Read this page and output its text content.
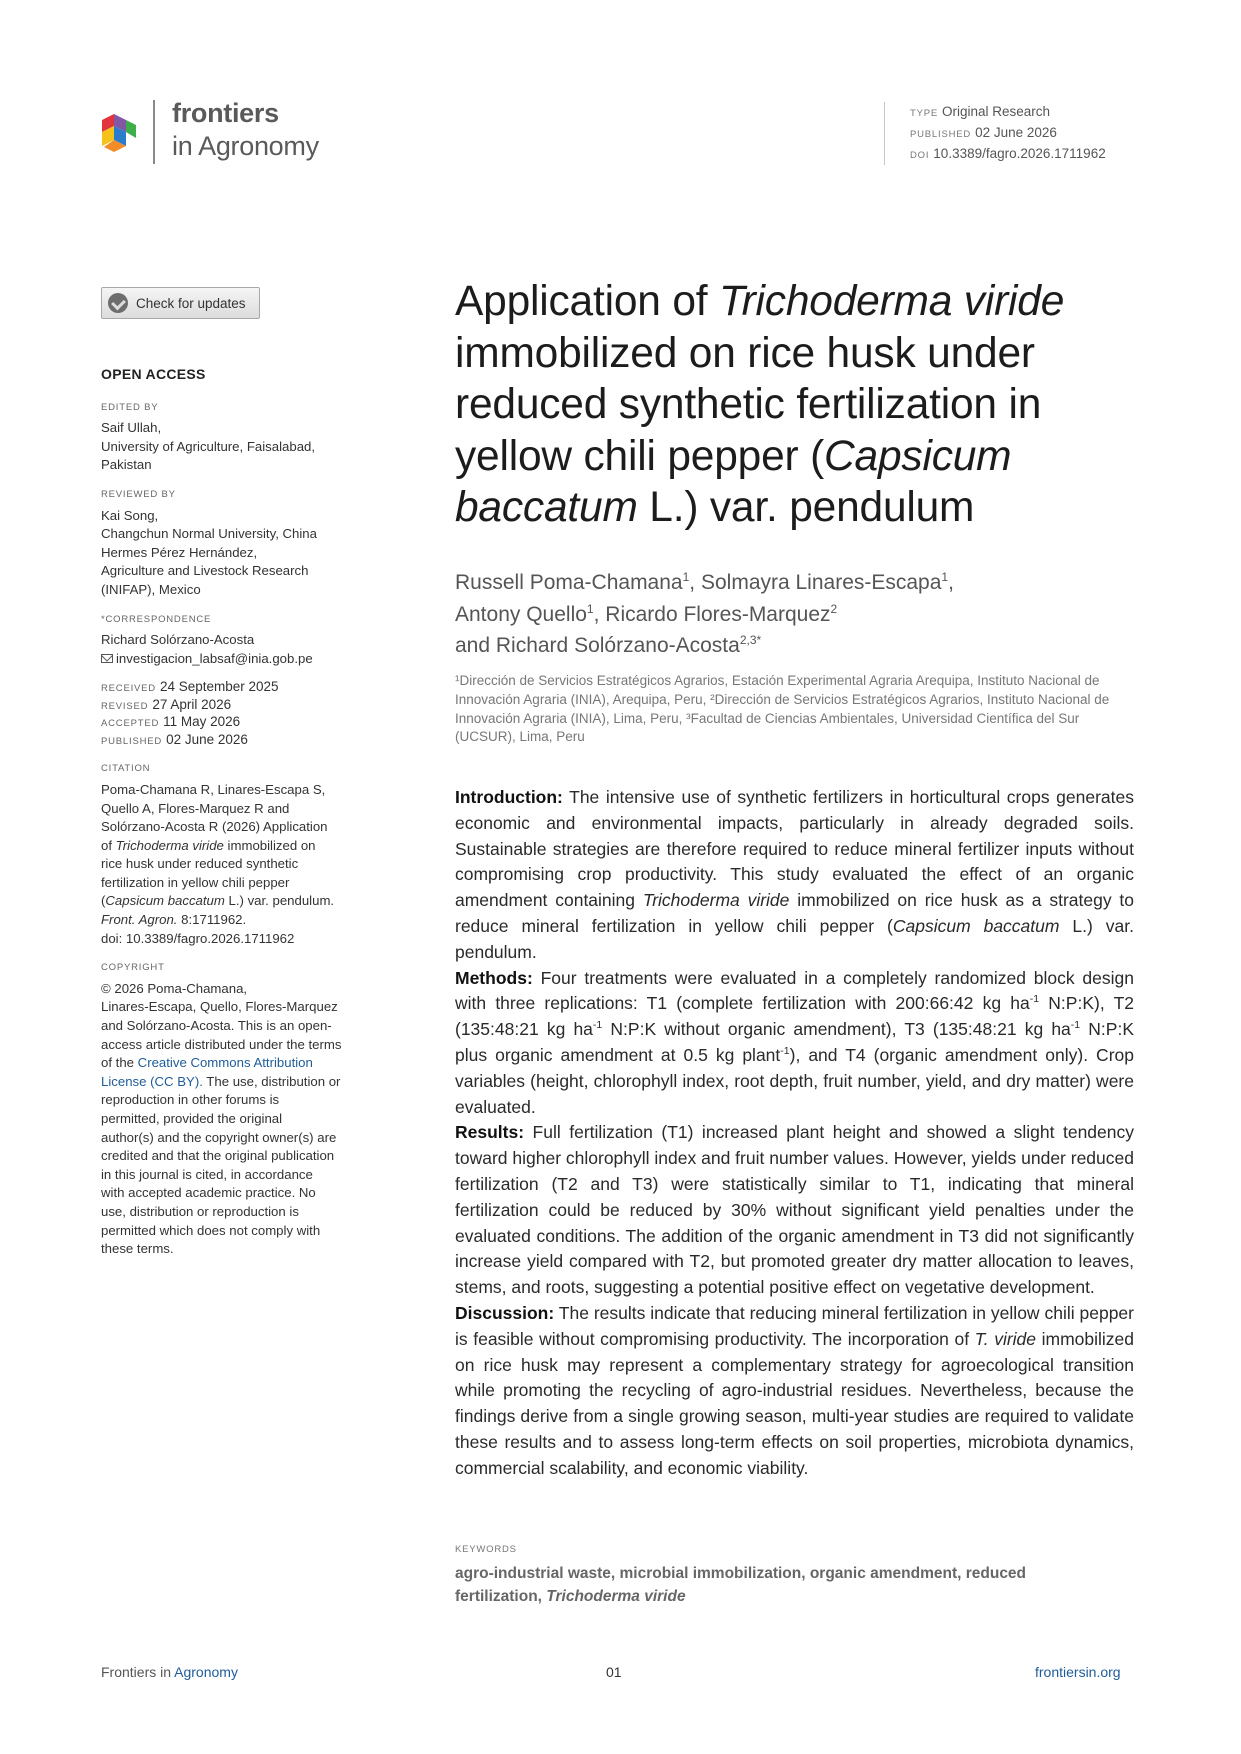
frontiers
in Agronomy
TYPE Original Research
PUBLISHED 02 June 2026
DOI 10.3389/fagro.2026.1711962
Check for updates
OPEN ACCESS
EDITED BY
Saif Ullah,
University of Agriculture, Faisalabad,
Pakistan
REVIEWED BY
Kai Song,
Changchun Normal University, China
Hermes Pérez Hernández,
Agriculture and Livestock Research
(INIFAP), Mexico
*CORRESPONDENCE
Richard Solórzano-Acosta
investigacion_labsaf@inia.gob.pe
RECEIVED 24 September 2025
REVISED 27 April 2026
ACCEPTED 11 May 2026
PUBLISHED 02 June 2026
CITATION
Poma-Chamana R, Linares-Escapa S,
Quello A, Flores-Marquez R and
Solórzano-Acosta R (2026) Application
of Trichoderma viride immobilized on
rice husk under reduced synthetic
fertilization in yellow chili pepper
(Capsicum baccatum L.) var. pendulum.
Front. Agron. 8:1711962.
doi: 10.3389/fagro.2026.1711962
COPYRIGHT
© 2026 Poma-Chamana,
Linares-Escapa, Quello, Flores-Marquez
and Solórzano-Acosta. This is an open-
access article distributed under the terms
of the Creative Commons Attribution
License (CC BY). The use, distribution or
reproduction in other forums is
permitted, provided the original
author(s) and the copyright owner(s) are
credited and that the original publication
in this journal is cited, in accordance
with accepted academic practice. No
use, distribution or reproduction is
permitted which does not comply with
these terms.
Application of Trichoderma viride immobilized on rice husk under reduced synthetic fertilization in yellow chili pepper (Capsicum baccatum L.) var. pendulum
Russell Poma-Chamana$^1$, Solmayra Linares-Escapa$^1$,
Antony Quello$^1$, Ricardo Flores-Marquez$^2$
and Richard Solórzano-Acosta$^{2,3*}$
¹Dirección de Servicios Estratégicos Agrarios, Estación Experimental Agraria Arequipa, Instituto Nacional de Innovación Agraria (INIA), Arequipa, Peru, ²Dirección de Servicios Estratégicos Agrarios, Instituto Nacional de Innovación Agraria (INIA), Lima, Peru, ³Facultad de Ciencias Ambientales, Universidad Científica del Sur (UCSUR), Lima, Peru

Introduction: The intensive use of synthetic fertilizers in horticultural crops generates economic and environmental impacts, particularly in already degraded soils. Sustainable strategies are therefore required to reduce mineral fertilizer inputs without compromising crop productivity. This study evaluated the effect of an organic amendment containing Trichoderma viride immobilized on rice husk as a strategy to reduce mineral fertilization in yellow chili pepper (Capsicum baccatum L.) var. pendulum.

Methods: Four treatments were evaluated in a completely randomized block design with three replications: T1 (complete fertilization with 200:66:42 kg $ha^{-1}$ N:P:K), T2 (135:48:21 kg $ha^{-1}$ N:P:K without organic amendment), T3 (135:48:21 kg $ha^{-1}$ N:P:K plus organic amendment at 0.5 kg plant$^{-1}$), and T4 (organic amendment only). Crop variables (height, chlorophyll index, root depth, fruit number, yield, and dry matter) were evaluated.

Results: Full fertilization (T1) increased plant height and showed a slight tendency toward higher chlorophyll index and fruit number values. However, yields under reduced fertilization (T2 and T3) were statistically similar to T1, indicating that mineral fertilization could be reduced by 30% without significant yield penalties under the evaluated conditions. The addition of the organic amendment in T3 did not significantly increase yield compared with T2, but promoted greater dry matter allocation to leaves, stems, and roots, suggesting a potential positive effect on vegetative development.

Discussion: The results indicate that reducing mineral fertilization in yellow chili pepper is feasible without compromising productivity. The incorporation of T. viride immobilized on rice husk may represent a complementary strategy for agroecological transition while promoting the recycling of agro-industrial residues. Nevertheless, because the findings derive from a single growing season, multi-year studies are required to validate these results and to assess long-term effects on soil properties, microbiota dynamics, commercial scalability, and economic viability.

KEYWORDS
agro-industrial waste, microbial immobilization, organic amendment, reduced fertilization, Trichoderma viride
Frontiers in Agronomy	01	frontiersin.org
